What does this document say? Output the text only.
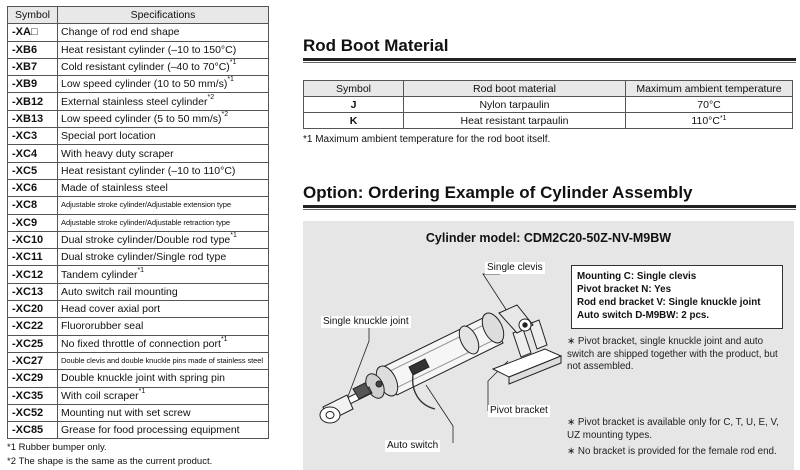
Symbol	Specifications
-XA□	Change of rod end shape
-XB6	Heat resistant cylinder (–10 to 150°C)
-XB7	Cold resistant cylinder (–40 to 70°C)$^{*1}$
-XB9	Low speed cylinder (10 to 50 mm/s)$^{*1}$
-XB12	External stainless steel cylinder$^{*2}$
-XB13	Low speed cylinder (5 to 50 mm/s)$^{*2}$
-XC3	Special port location
-XC4	With heavy duty scraper
-XC5	Heat resistant cylinder (–10 to 110°C)
-XC6	Made of stainless steel
-XC8	Adjustable stroke cylinder/Adjustable extension type
-XC9	Adjustable stroke cylinder/Adjustable retraction type
-XC10	Dual stroke cylinder/Double rod type$^{*1}$
-XC11	Dual stroke cylinder/Single rod type
-XC12	Tandem cylinder$^{*1}$
-XC13	Auto switch rail mounting
-XC20	Head cover axial port
-XC22	Fluororubber seal
-XC25	No fixed throttle of connection port$^{*1}$
-XC27	Double clevis and double knuckle pins made of stainless steel
-XC29	Double knuckle joint with spring pin
-XC35	With coil scraper$^{*1}$
-XC52	Mounting nut with set screw
-XC85	Grease for food processing equipment
*1 Rubber bumper only.
*2 The shape is the same as the current product.
Rod Boot Material
Symbol	Rod boot material	Maximum ambient temperature
J	Nylon tarpaulin	70°C
K	Heat resistant tarpaulin	$110^\circ C^{*1}$
*1 Maximum ambient temperature for the rod boot itself.
Option: Ordering Example of Cylinder Assembly
Cylinder model: CDM2C20-50Z-NV-M9BW
Single clevis
Single knuckle joint
Pivot bracket
Auto switch
Mounting C: Single clevis
Pivot bracket N: Yes
Rod end bracket V: Single knuckle joint
Auto switch D-M9BW: 2 pcs.
∗ Pivot bracket, single knuckle joint and auto switch are shipped together with the product, but not assembled.
∗ Pivot bracket is available only for C, T, U, E, V, UZ mounting types.
∗ No bracket is provided for the female rod end.
